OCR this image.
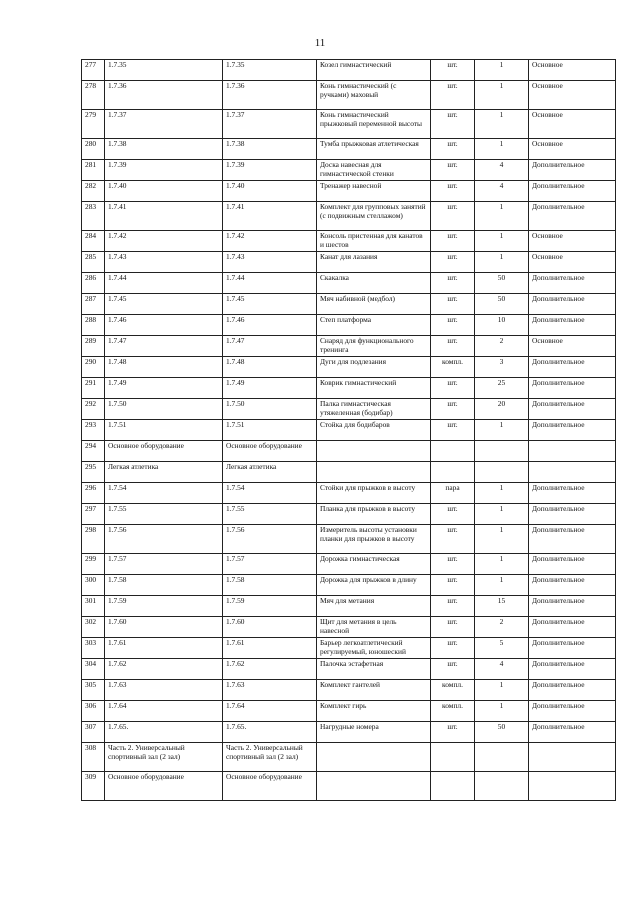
11
277	1.7.35	1.7.35	Козел гимнастический	шт.	1	Основное
278	1.7.36	1.7.36	Конь гимнастический (с ручками) маховый	шт.	1	Основное
279	1.7.37	1.7.37	Конь гимнастический прыжковый переменной высоты	шт.	1	Основное
280	1.7.38	1.7.38	Тумба прыжковая атлетическая	шт.	1	Основное
281	1.7.39	1.7.39	Доска навесная для гимнастической стенки	шт.	4	Дополнительное
282	1.7.40	1.7.40	Тренажер навесной	шт.	4	Дополнительное
283	1.7.41	1.7.41	Комплект для групповых занятий (с подвижным стеллажом)	шт.	1	Дополнительное
284	1.7.42	1.7.42	Консоль пристенная для канатов и шестов	шт.	1	Основное
285	1.7.43	1.7.43	Канат для лазания	шт.	1	Основное
286	1.7.44	1.7.44	Скакалка	шт.	50	Дополнительное
287	1.7.45	1.7.45	Мяч набивной (медбол)	шт.	50	Дополнительное
288	1.7.46	1.7.46	Степ платформа	шт.	10	Дополнительное
289	1.7.47	1.7.47	Снаряд для функционального тренинга	шт.	2	Основное
290	1.7.48	1.7.48	Дуги для подлезания	компл.	3	Дополнительное
291	1.7.49	1.7.49	Коврик гимнастический	шт.	25	Дополнительное
292	1.7.50	1.7.50	Палка гимнастическая утяжеленная (бодибар)	шт.	20	Дополнительное
293	1.7.51	1.7.51	Стойка для бодибаров	шт.	1	Дополнительное
294	Основное оборудование	Основное оборудование				
295	Легкая атлетика	Легкая атлетика				
296	1.7.54	1.7.54	Стойки для прыжков в высоту	пара	1	Дополнительное
297	1.7.55	1.7.55	Планка для прыжков в высоту	шт.	1	Дополнительное
298	1.7.56	1.7.56	Измеритель высоты установки планки для прыжков в высоту	шт.	1	Дополнительное
299	1.7.57	1.7.57	Дорожка гимнастическая	шт.	1	Дополнительное
300	1.7.58	1.7.58	Дорожка для прыжков в длину	шт.	1	Дополнительное
301	1.7.59	1.7.59	Мяч для метания	шт.	15	Дополнительное
302	1.7.60	1.7.60	Щит для метания в цель навесной	шт.	2	Дополнительное
303	1.7.61	1.7.61	Барьер легкоатлетический регулируемый, юношеский	шт.	5	Дополнительное
304	1.7.62	1.7.62	Палочка эстафетная	шт.	4	Дополнительное
305	1.7.63	1.7.63	Комплект гантелей	компл.	1	Дополнительное
306	1.7.64	1.7.64	Комплект гирь	компл.	1	Дополнительное
307	1.7.65.	1.7.65.	Нагрудные номера	шт.	50	Дополнительное
308	Часть 2. Универсальный спортивный зал (2 зал)	Часть 2. Универсальный спортивный зал (2 зал)				
309	Основное оборудование	Основное оборудование				
